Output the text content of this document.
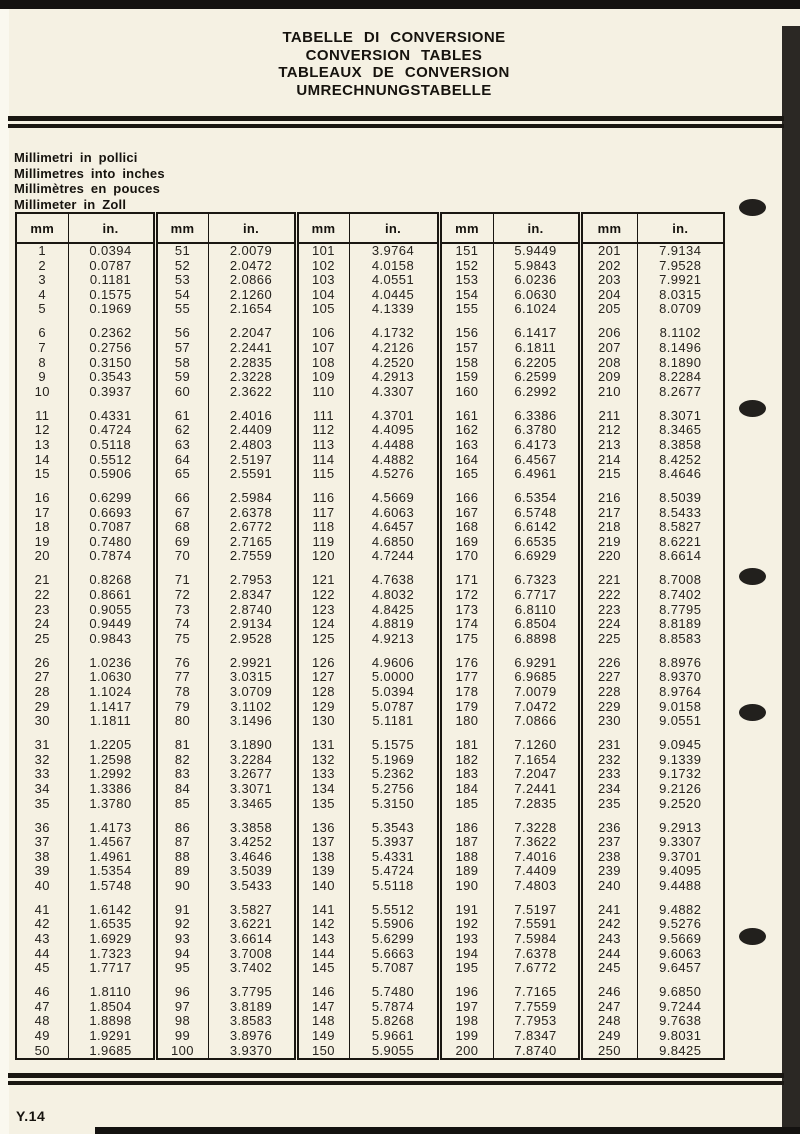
TABELLE DI CONVERSIONE
CONVERSION TABLES
TABLEAUX DE CONVERSION
UMRECHNUNGSTABELLE
Millimetri in pollici
Millimetres into inches
Millimètres en pouces
Millimeter in Zoll
mm	in.	mm	in.	mm	in.	mm	in.	mm	in.
1	0.0394	51	2.0079	101	3.9764	151	5.9449	201	7.9134
2	0.0787	52	2.0472	102	4.0158	152	5.9843	202	7.9528
3	0.1181	53	2.0866	103	4.0551	153	6.0236	203	7.9921
4	0.1575	54	2.1260	104	4.0445	154	6.0630	204	8.0315
5	0.1969	55	2.1654	105	4.1339	155	6.1024	205	8.0709

6	0.2362	56	2.2047	106	4.1732	156	6.1417	206	8.1102
7	0.2756	57	2.2441	107	4.2126	157	6.1811	207	8.1496
8	0.3150	58	2.2835	108	4.2520	158	6.2205	208	8.1890
9	0.3543	59	2.3228	109	4.2913	159	6.2599	209	8.2284
10	0.3937	60	2.3622	110	4.3307	160	6.2992	210	8.2677

11	0.4331	61	2.4016	111	4.3701	161	6.3386	211	8.3071
12	0.4724	62	2.4409	112	4.4095	162	6.3780	212	8.3465
13	0.5118	63	2.4803	113	4.4488	163	6.4173	213	8.3858
14	0.5512	64	2.5197	114	4.4882	164	6.4567	214	8.4252
15	0.5906	65	2.5591	115	4.5276	165	6.4961	215	8.4646

16	0.6299	66	2.5984	116	4.5669	166	6.5354	216	8.5039
17	0.6693	67	2.6378	117	4.6063	167	6.5748	217	8.5433
18	0.7087	68	2.6772	118	4.6457	168	6.6142	218	8.5827
19	0.7480	69	2.7165	119	4.6850	169	6.6535	219	8.6221
20	0.7874	70	2.7559	120	4.7244	170	6.6929	220	8.6614

21	0.8268	71	2.7953	121	4.7638	171	6.7323	221	8.7008
22	0.8661	72	2.8347	122	4.8032	172	6.7717	222	8.7402
23	0.9055	73	2.8740	123	4.8425	173	6.8110	223	8.7795
24	0.9449	74	2.9134	124	4.8819	174	6.8504	224	8.8189
25	0.9843	75	2.9528	125	4.9213	175	6.8898	225	8.8583

26	1.0236	76	2.9921	126	4.9606	176	6.9291	226	8.8976
27	1.0630	77	3.0315	127	5.0000	177	6.9685	227	8.9370
28	1.1024	78	3.0709	128	5.0394	178	7.0079	228	8.9764
29	1.1417	79	3.1102	129	5.0787	179	7.0472	229	9.0158
30	1.1811	80	3.1496	130	5.1181	180	7.0866	230	9.0551

31	1.2205	81	3.1890	131	5.1575	181	7.1260	231	9.0945
32	1.2598	82	3.2284	132	5.1969	182	7.1654	232	9.1339
33	1.2992	83	3.2677	133	5.2362	183	7.2047	233	9.1732
34	1.3386	84	3.3071	134	5.2756	184	7.2441	234	9.2126
35	1.3780	85	3.3465	135	5.3150	185	7.2835	235	9.2520

36	1.4173	86	3.3858	136	5.3543	186	7.3228	236	9.2913
37	1.4567	87	3.4252	137	5.3937	187	7.3622	237	9.3307
38	1.4961	88	3.4646	138	5.4331	188	7.4016	238	9.3701
39	1.5354	89	3.5039	139	5.4724	189	7.4409	239	9.4095
40	1.5748	90	3.5433	140	5.5118	190	7.4803	240	9.4488

41	1.6142	91	3.5827	141	5.5512	191	7.5197	241	9.4882
42	1.6535	92	3.6221	142	5.5906	192	7.5591	242	9.5276
43	1.6929	93	3.6614	143	5.6299	193	7.5984	243	9.5669
44	1.7323	94	3.7008	144	5.6663	194	7.6378	244	9.6063
45	1.7717	95	3.7402	145	5.7087	195	7.6772	245	9.6457

46	1.8110	96	3.7795	146	5.7480	196	7.7165	246	9.6850
47	1.8504	97	3.8189	147	5.7874	197	7.7559	247	9.7244
48	1.8898	98	3.8583	148	5.8268	198	7.7953	248	9.7638
49	1.9291	99	3.8976	149	5.9661	199	7.8347	249	9.8031
50	1.9685	100	3.9370	150	5.9055	200	7.8740	250	9.8425
Y.14
